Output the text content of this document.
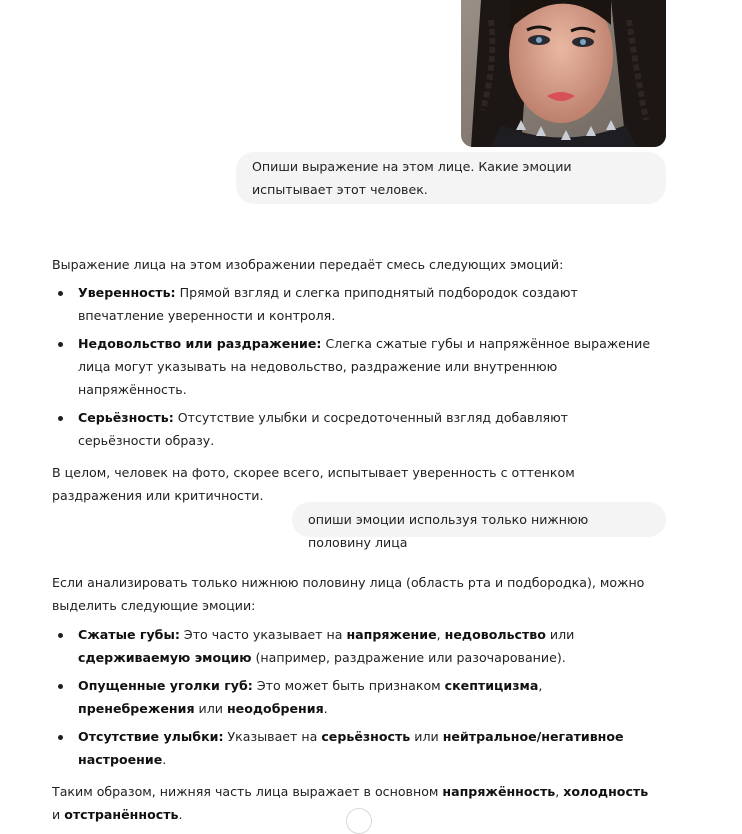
Опиши выражение на этом лице. Какие эмоции испытывает этот человек.

Выражение лица на этом изображении передаёт смесь следующих эмоций:

Уверенность: Прямой взгляд и слегка приподнятый подбородок создают впечатление уверенности и контроля.
Недовольство или раздражение: Слегка сжатые губы и напряжённое выражение лица могут указывать на недовольство, раздражение или внутреннюю напряжённость.
Серьёзность: Отсутствие улыбки и сосредоточенный взгляд добавляют серьёзности образу.

В целом, человек на фото, скорее всего, испытывает уверенность с оттенком раздражения или критичности.

опиши эмоции используя только нижнюю половину лица

Если анализировать только нижнюю половину лица (область рта и подбородка), можно выделить следующие эмоции:

Сжатые губы: Это часто указывает на напряжение, недовольство или сдерживаемую эмоцию (например, раздражение или разочарование).
Опущенные уголки губ: Это может быть признаком скептицизма, пренебрежения или неодобрения.
Отсутствие улыбки: Указывает на серьёзность или нейтральное/негативное настроение.

Таким образом, нижняя часть лица выражает в основном напряжённость, холодность и отстранённость.
